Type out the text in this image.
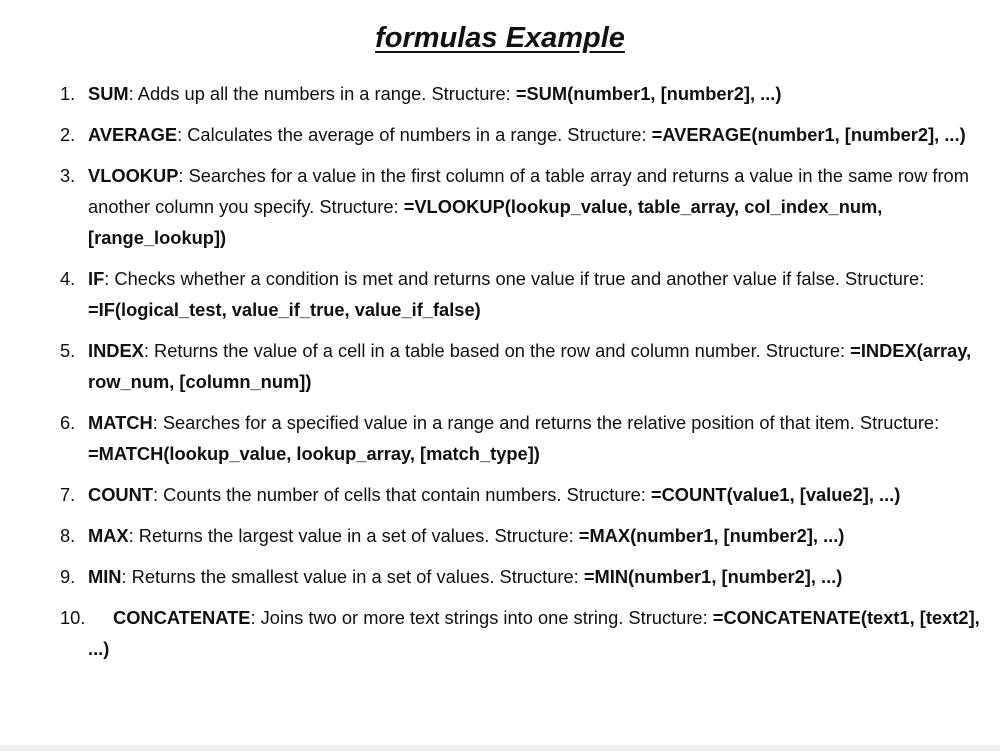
formulas Example
1. SUM: Adds up all the numbers in a range. Structure: =SUM(number1, [number2], ...)
2. AVERAGE: Calculates the average of numbers in a range. Structure: =AVERAGE(number1, [number2], ...)
3. VLOOKUP: Searches for a value in the first column of a table array and returns a value in the same row from another column you specify. Structure: =VLOOKUP(lookup_value, table_array, col_index_num, [range_lookup])
4. IF: Checks whether a condition is met and returns one value if true and another value if false. Structure: =IF(logical_test, value_if_true, value_if_false)
5. INDEX: Returns the value of a cell in a table based on the row and column number. Structure: =INDEX(array, row_num, [column_num])
6. MATCH: Searches for a specified value in a range and returns the relative position of that item. Structure: =MATCH(lookup_value, lookup_array, [match_type])
7. COUNT: Counts the number of cells that contain numbers. Structure: =COUNT(value1, [value2], ...)
8. MAX: Returns the largest value in a set of values. Structure: =MAX(number1, [number2], ...)
9. MIN: Returns the smallest value in a set of values. Structure: =MIN(number1, [number2], ...)
10. CONCATENATE: Joins two or more text strings into one string. Structure: =CONCATENATE(text1, [text2], ...)
